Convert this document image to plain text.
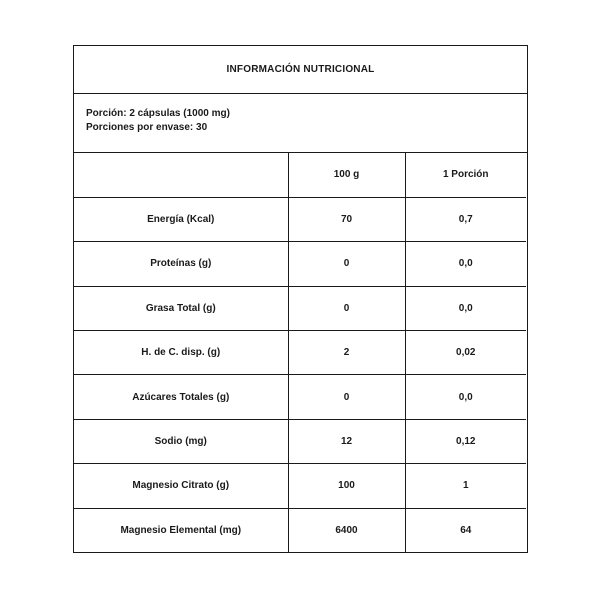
INFORMACIÓN NUTRICIONAL
Porción: 2 cápsulas (1000 mg)
Porciones por envase: 30
	100 g	1 Porción
Energía (Kcal)	70	0,7
Proteínas (g)	0	0,0
Grasa Total (g)	0	0,0
H. de C. disp. (g)	2	0,02
Azúcares Totales (g)	0	0,0
Sodio (mg)	12	0,12
Magnesio Citrato (g)	100	1
Magnesio Elemental (mg)	6400	64
